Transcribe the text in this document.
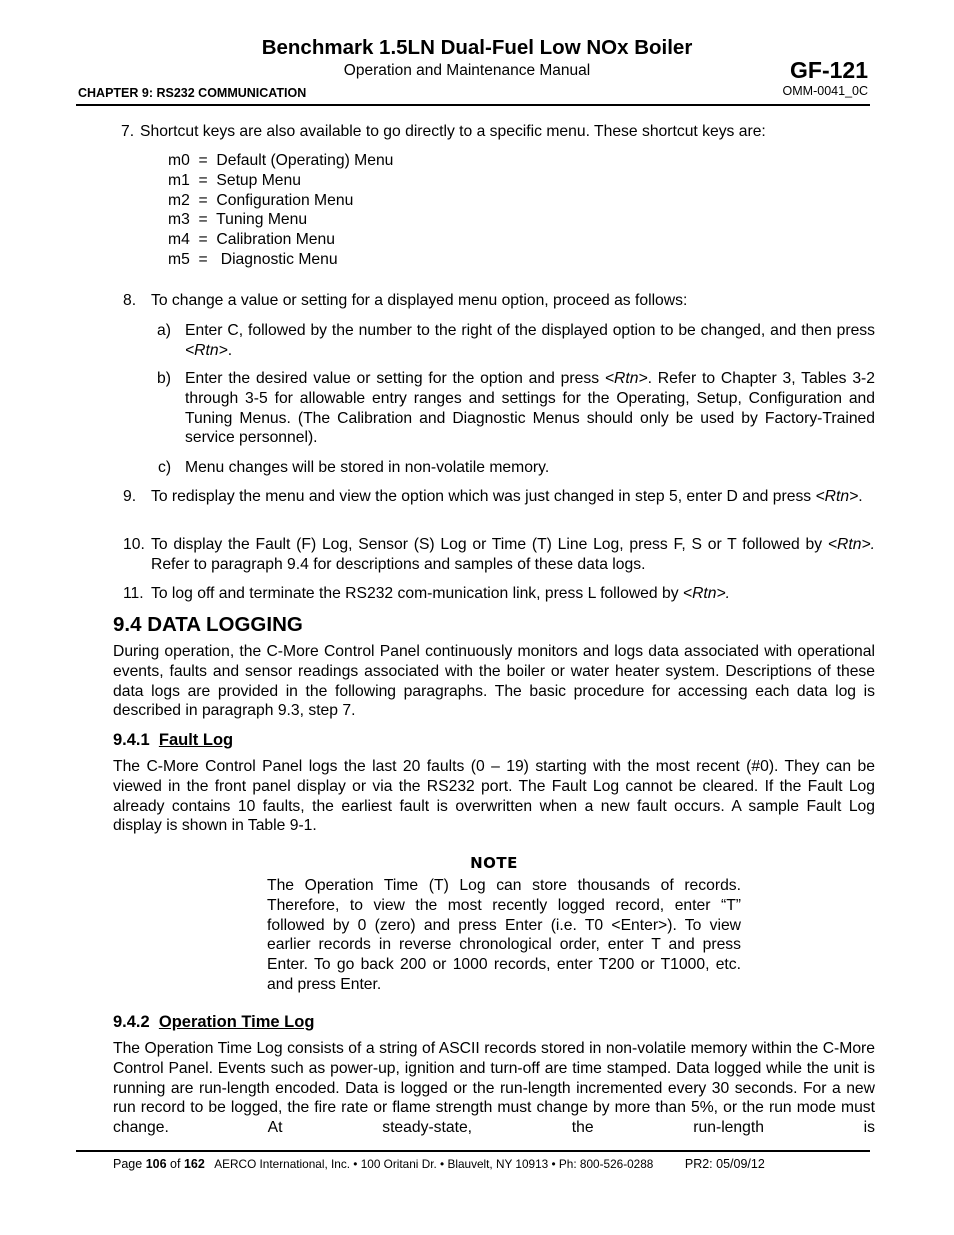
Benchmark 1.5LN Dual-Fuel Low NOx Boiler
Operation and Maintenance Manual
CHAPTER 9: RS232 COMMUNICATION
GF-121
OMM-0041_0C
7. Shortcut keys are also available to go directly to a specific menu. These shortcut keys are:
m0  =  Default (Operating) Menu
m1  =  Setup Menu
m2  =  Configuration Menu
m3  =  Tuning Menu
m4  =  Calibration Menu
m5  =   Diagnostic Menu
8. To change a value or setting for a displayed menu option, proceed as follows:
a) Enter C, followed by the number to the right of the displayed option to be changed, and then press <Rtn>.
b) Enter the desired value or setting for the option and press <Rtn>. Refer to Chapter 3, Tables 3-2 through 3-5 for allowable entry ranges and settings for the Operating, Setup, Configuration and Tuning Menus. (The Calibration and Diagnostic Menus should only be used by Factory-Trained service personnel).
c) Menu changes will be stored in non-volatile memory.
9. To redisplay the menu and view the option which was just changed in step 5, enter D and press <Rtn>.
10. To display the Fault (F) Log, Sensor (S) Log or Time (T) Line Log, press F, S or T followed by <Rtn>. Refer to paragraph 9.4 for descriptions and samples of these data logs.
11. To log off and terminate the RS232 com-munication link, press L followed by <Rtn>.
9.4 DATA LOGGING
During operation, the C-More Control Panel continuously monitors and logs data associated with operational events, faults and sensor readings associated with the boiler or water heater system. Descriptions of these data logs are provided in the following paragraphs. The basic procedure for accessing each data log is described in paragraph 9.3, step 7.
9.4.1 Fault Log
The C-More Control Panel logs the last 20 faults (0 – 19) starting with the most recent (#0). They can be viewed in the front panel display or via the RS232 port. The Fault Log cannot be cleared. If the Fault Log already contains 10 faults, the earliest fault is overwritten when a new fault occurs. A sample Fault Log display is shown in Table 9-1.
NOTE
The Operation Time (T) Log can store thousands of records. Therefore, to view the most recently logged record, enter “T” followed by 0 (zero) and press Enter (i.e. T0 <Enter>). To view earlier records in reverse chronological order, enter T and press Enter. To go back 200 or 1000 records, enter T200 or T1000, etc. and press Enter.
9.4.2 Operation Time Log
The Operation Time Log consists of a string of ASCII records stored in non-volatile memory within the C-More Control Panel. Events such as power-up, ignition and turn-off are time stamped. Data logged while the unit is running are run-length encoded. Data is logged or the run-length incremented every 30 seconds. For a new run record to be logged, the fire rate or flame strength must change by more than 5%, or the run mode must change. At steady-state, the run-length is
Page 106 of 162 AERCO International, Inc. • 100 Oritani Dr. • Blauvelt, NY 10913 • Ph: 800-526-0288	PR2: 05/09/12
